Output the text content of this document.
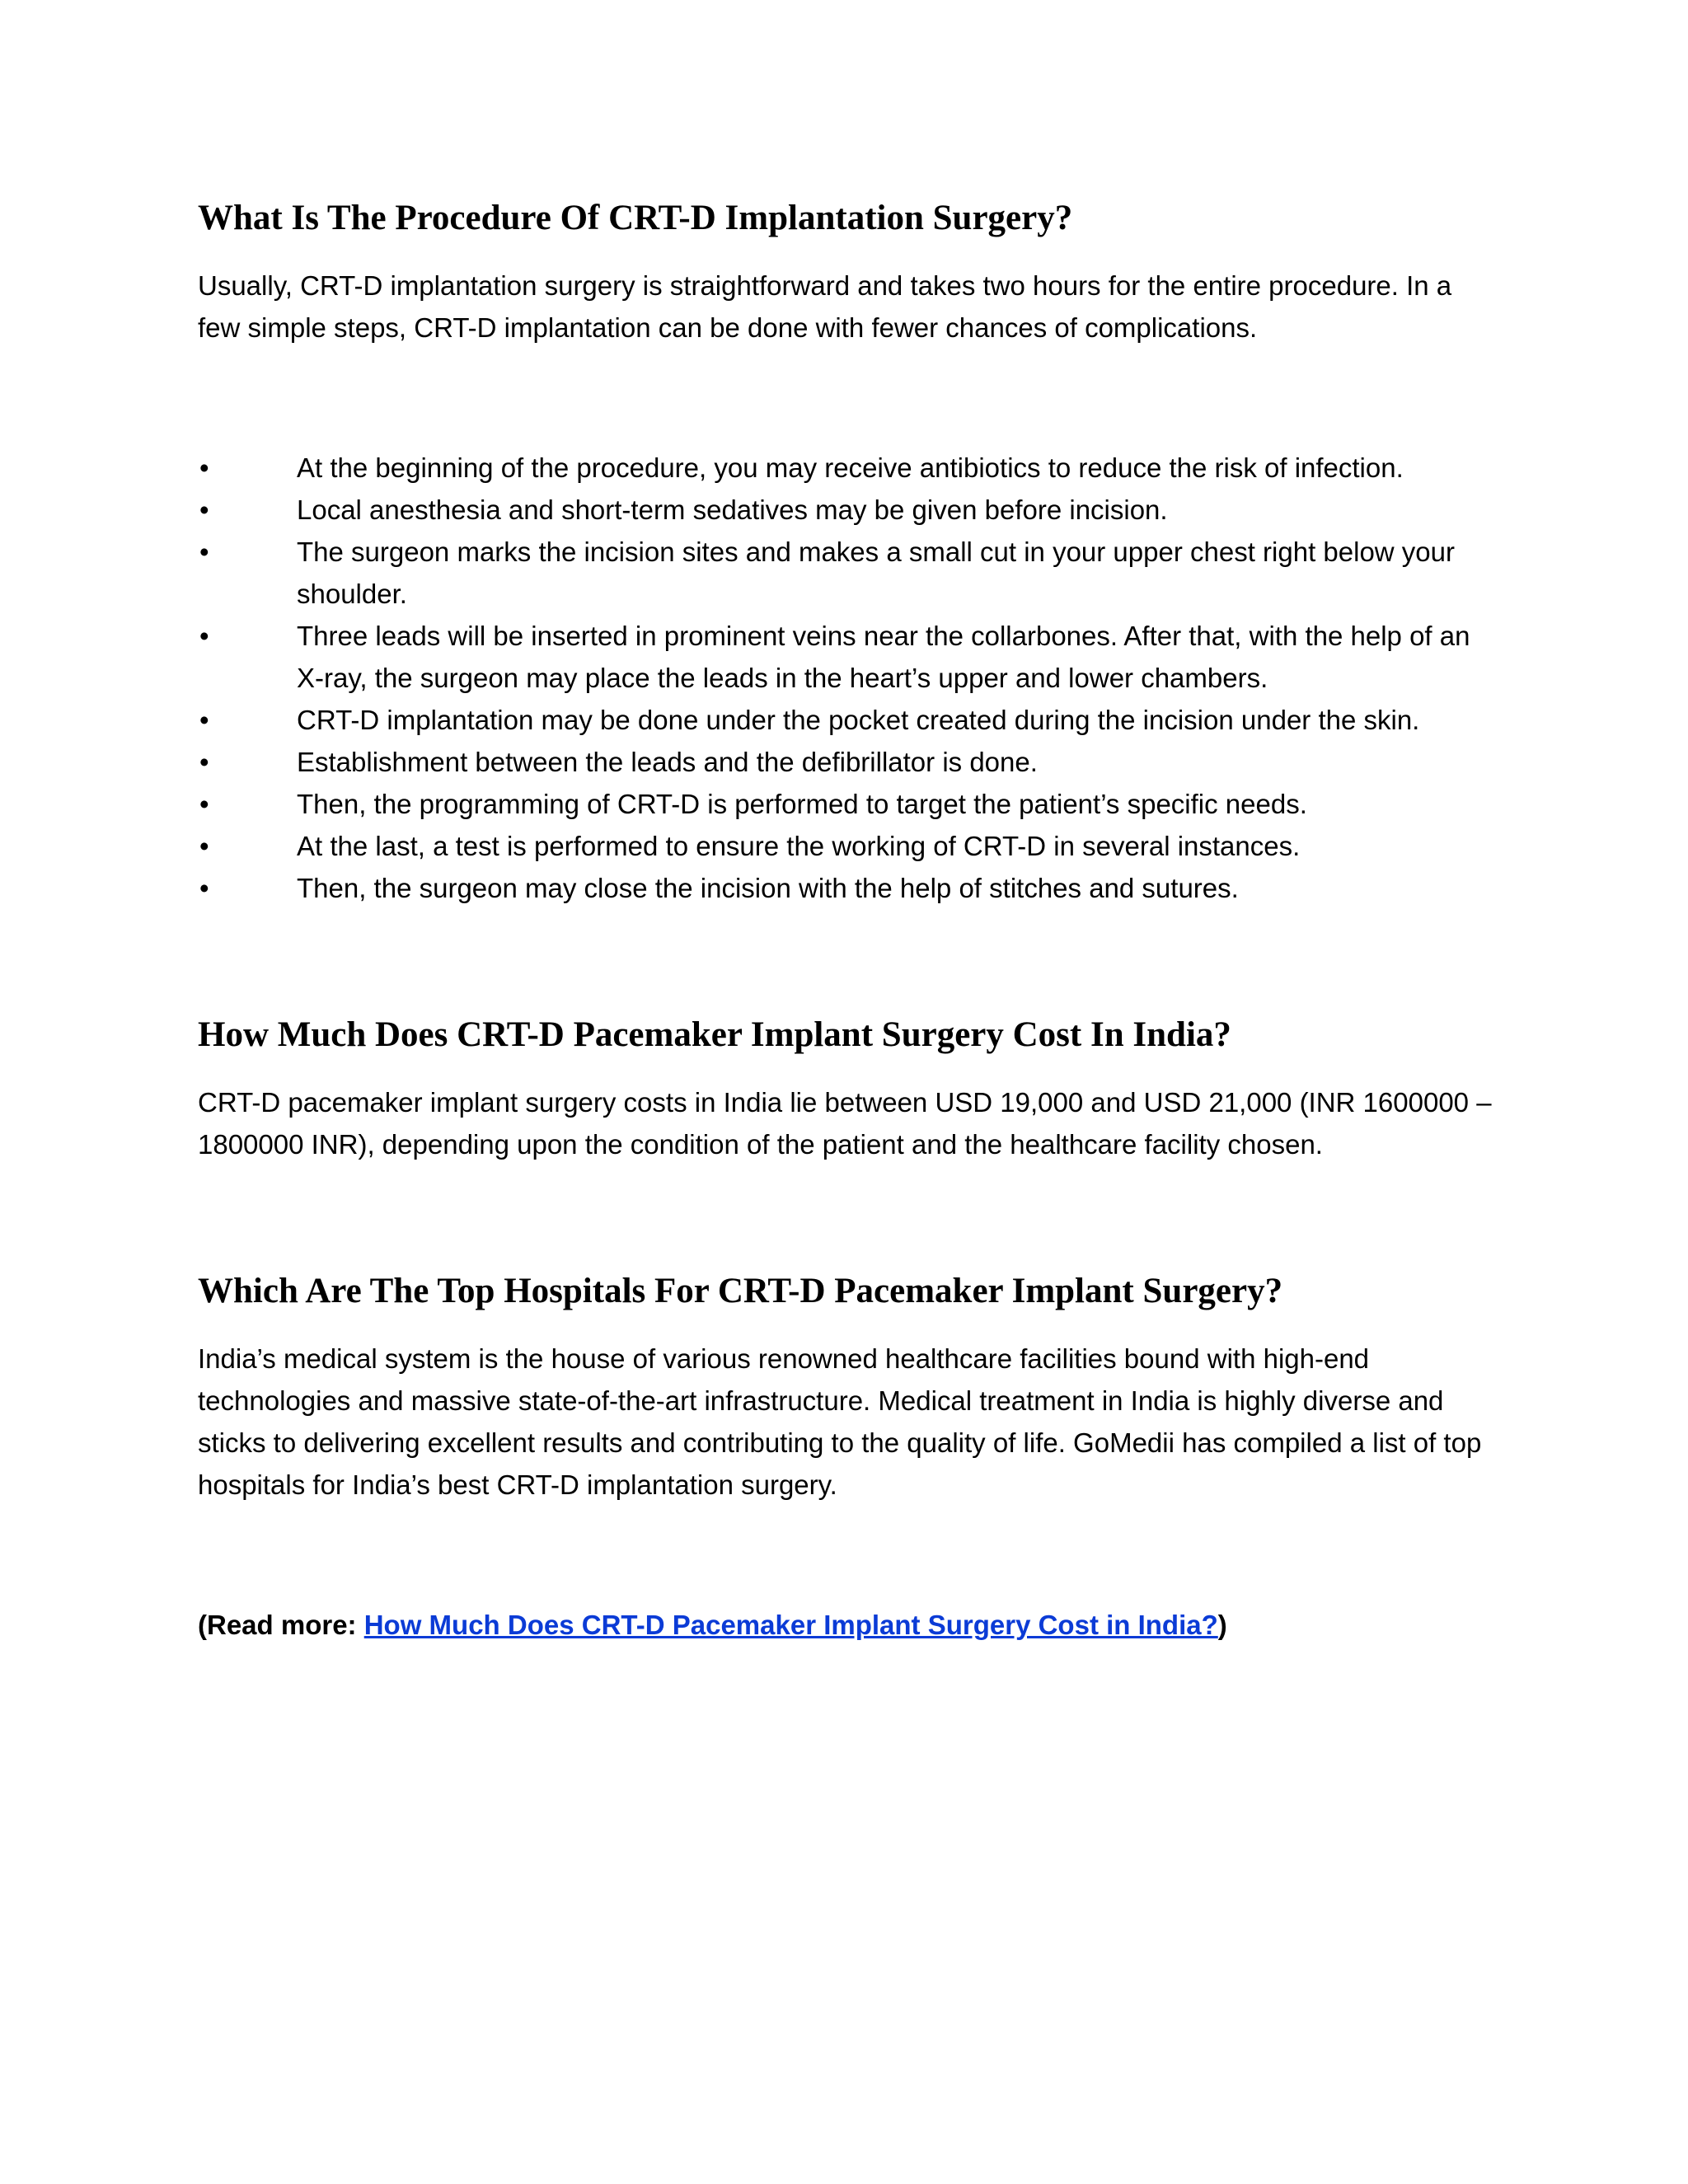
What Is The Procedure Of CRT-D Implantation Surgery?

Usually, CRT-D implantation surgery is straightforward and takes two hours for the entire procedure. In a few simple steps, CRT-D implantation can be done with fewer chances of complications.

•	At the beginning of the procedure, you may receive antibiotics to reduce the risk of infection.
•	Local anesthesia and short-term sedatives may be given before incision.
•	The surgeon marks the incision sites and makes a small cut in your upper chest right below your shoulder.
•	Three leads will be inserted in prominent veins near the collarbones. After that, with the help of an X-ray, the surgeon may place the leads in the heart’s upper and lower chambers.
•	CRT-D implantation may be done under the pocket created during the incision under the skin.
•	Establishment between the leads and the defibrillator is done.
•	Then, the programming of CRT-D is performed to target the patient’s specific needs.
•	At the last, a test is performed to ensure the working of CRT-D in several instances.
•	Then, the surgeon may close the incision with the help of stitches and sutures.
How Much Does CRT-D Pacemaker Implant Surgery Cost In India?

CRT-D pacemaker implant surgery costs in India lie between USD 19,000 and USD 21,000 (INR 1600000 – 1800000 INR), depending upon the condition of the patient and the healthcare facility chosen.

Which Are The Top Hospitals For CRT-D Pacemaker Implant Surgery?

India’s medical system is the house of various renowned healthcare facilities bound with high-end technologies and massive state-of-the-art infrastructure. Medical treatment in India is highly diverse and sticks to delivering excellent results and contributing to the quality of life. GoMedii has compiled a list of top hospitals for India’s best CRT-D implantation surgery.

(Read more: How Much Does CRT-D Pacemaker Implant Surgery Cost in India?)
